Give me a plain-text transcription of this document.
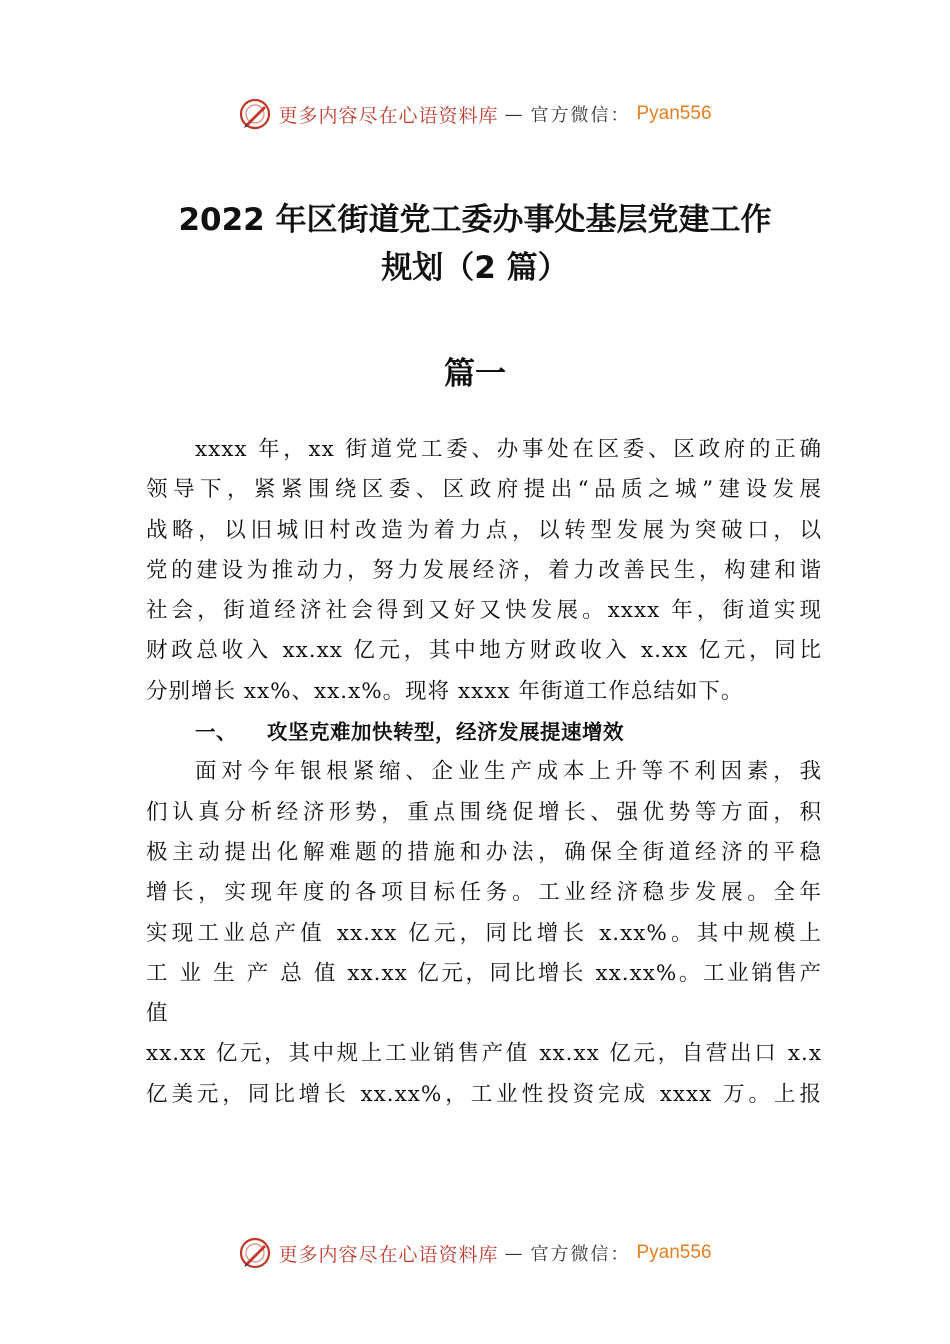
更多内容尽在心语资料库 — 官方微信： Pyan556
2022 年区街道党工委办事处基层党建工作
规划（2 篇）
篇一
xxxx 年，xx 街道党工委、办事处在区委、区政府的正确
领导下，紧紧围绕区委、区政府提出“品质之城”建设发展
战略，以旧城旧村改造为着力点，以转型发展为突破口，以
党的建设为推动力，努力发展经济，着力改善民生，构建和谐
社会，街道经济社会得到又好又快发展。xxxx 年，街道实现
财政总收入 xx.xx 亿元，其中地方财政收入 x.xx 亿元，同比
分别增长 xx%、xx.x%。现将 xxxx 年街道工作总结如下。
一、 攻坚克难加快转型，经济发展提速增效
面对今年银根紧缩、企业生产成本上升等不利因素，我
们认真分析经济形势，重点围绕促增长、强优势等方面，积
极主动提出化解难题的措施和办法，确保全街道经济的平稳
增长，实现年度的各项目标任务。工业经济稳步发展。全年
实现工业总产值 xx.xx 亿元，同比增长 x.xx%。其中规模上
工 业 生 产 总 值 xx.xx 亿元，同比增长 xx.xx%。工业销售产
值
xx.xx 亿元，其中规上工业销售产值 xx.xx 亿元，自营出口 x.x
亿美元，同比增长 xx.xx%，工业性投资完成 xxxx 万。上报
更多内容尽在心语资料库 — 官方微信： Pyan556
